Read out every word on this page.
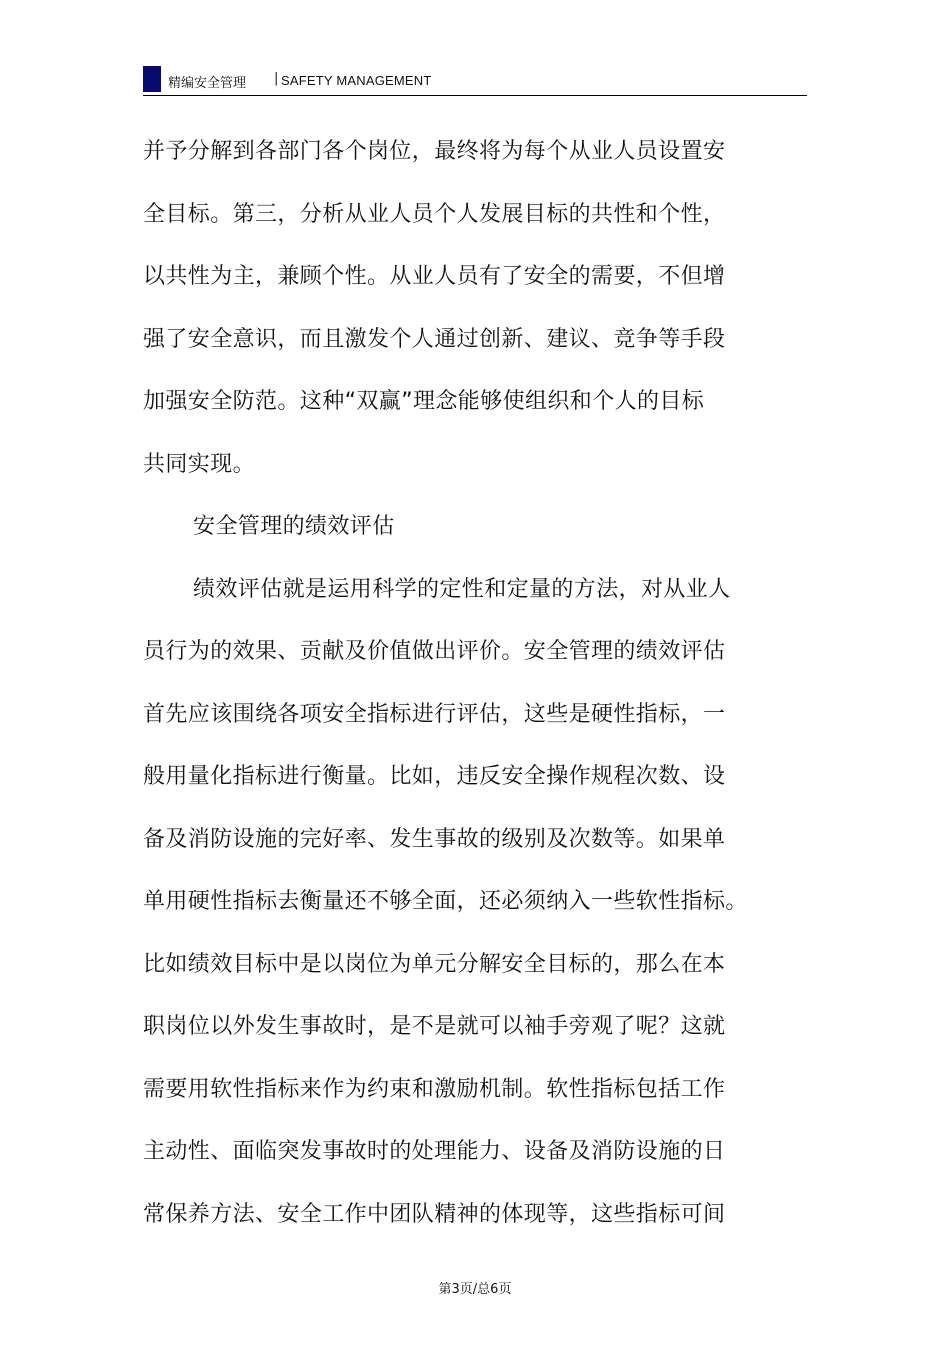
精编安全管理 | SAFETY MANAGEMENT
并予分解到各部门各个岗位，最终将为每个从业人员设置安
全目标。第三，分析从业人员个人发展目标的共性和个性，
以共性为主，兼顾个性。从业人员有了安全的需要，不但增
强了安全意识，而且激发个人通过创新、建议、竞争等手段
加强安全防范。这种“双赢”理念能够使组织和个人的目标
共同实现。
安全管理的绩效评估
绩效评估就是运用科学的定性和定量的方法，对从业人
员行为的效果、贡献及价值做出评价。安全管理的绩效评估
首先应该围绕各项安全指标进行评估，这些是硬性指标，一
般用量化指标进行衡量。比如，违反安全操作规程次数、设
备及消防设施的完好率、发生事故的级别及次数等。如果单
单用硬性指标去衡量还不够全面，还必须纳入一些软性指标。
比如绩效目标中是以岗位为单元分解安全目标的，那么在本
职岗位以外发生事故时，是不是就可以袖手旁观了呢？这就
需要用软性指标来作为约束和激励机制。软性指标包括工作
主动性、面临突发事故时的处理能力、设备及消防设施的日
常保养方法、安全工作中团队精神的体现等，这些指标可间
第3页/总6页
